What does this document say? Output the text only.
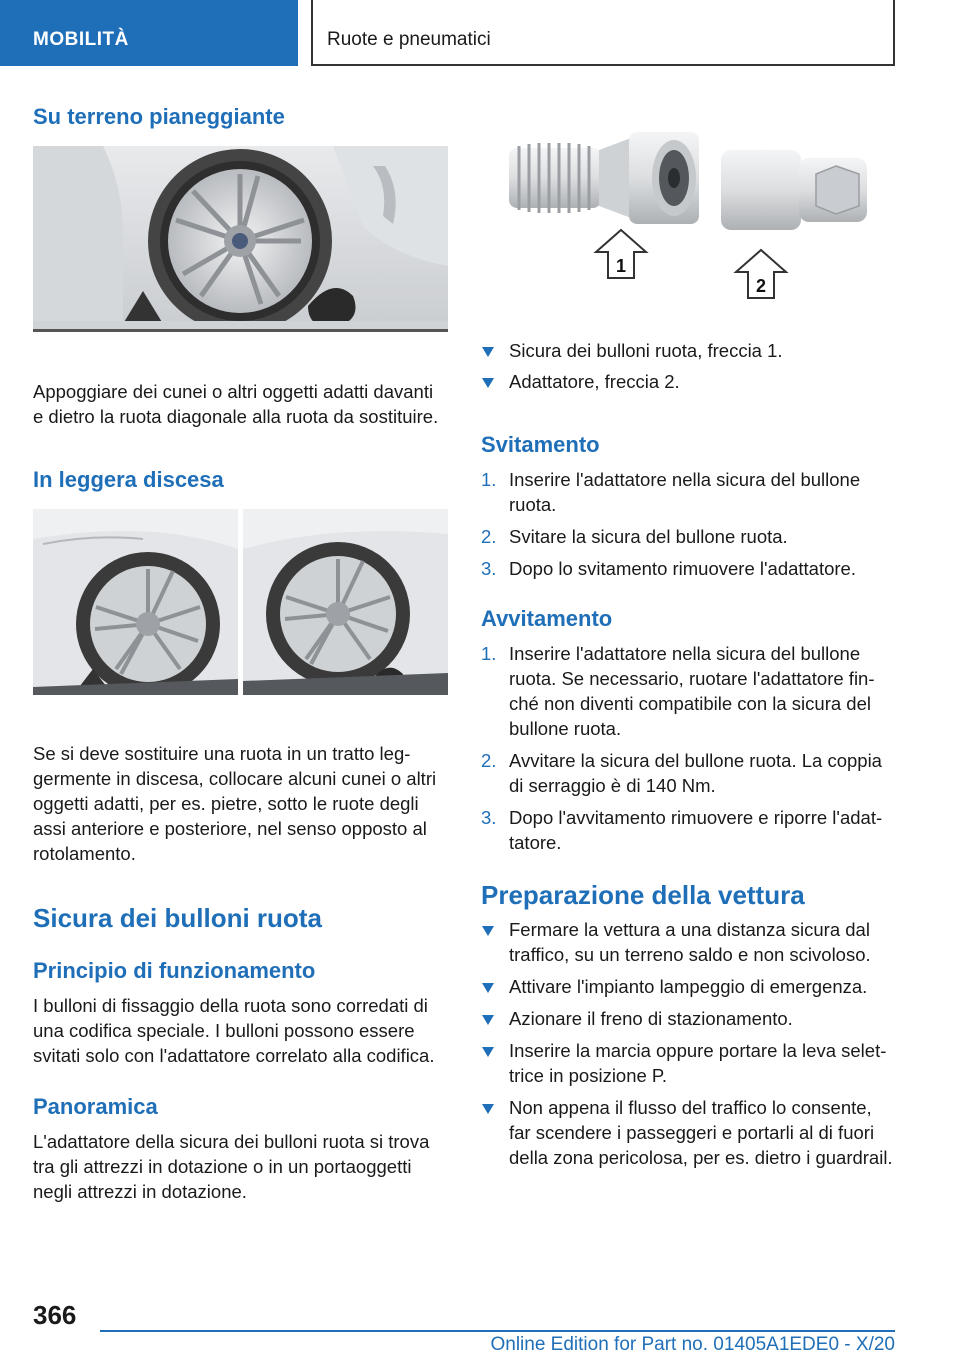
MOBILITÀ	Ruote e pneumatici
Su terreno pianeggiante
Appoggiare dei cunei o altri oggetti adatti davanti e dietro la ruota diagonale alla ruota da sostituire.
In leggera discesa
Se si deve sostituire una ruota in un tratto leggermente in discesa, collocare alcuni cunei o altri oggetti adatti, per es. pietre, sotto le ruote degli assi anteriore e posteriore, nel senso opposto al rotolamento.
Sicura dei bulloni ruota
Principio di funzionamento
I bulloni di fissaggio della ruota sono corredati di una codifica speciale. I bulloni possono essere svitati solo con l'adattatore correlato alla codifica.
Panoramica
L'adattatore della sicura dei bulloni ruota si trova tra gli attrezzi in dotazione o in un portaoggetti negli attrezzi in dotazione.
1
2
Sicura dei bulloni ruota, freccia 1.
Adattatore, freccia 2.
Svitamento
1. Inserire l'adattatore nella sicura del bullone ruota.
2. Svitare la sicura del bullone ruota.
3. Dopo lo svitamento rimuovere l'adattatore.
Avvitamento
1. Inserire l'adattatore nella sicura del bullone ruota. Se necessario, ruotare l'adattatore finché non diventi compatibile con la sicura del bullone ruota.
2. Avvitare la sicura del bullone ruota. La coppia di serraggio è di 140 Nm.
3. Dopo l'avvitamento rimuovere e riporre l'adattatore.
Preparazione della vettura
Fermare la vettura a una distanza sicura dal traffico, su un terreno saldo e non scivoloso.
Attivare l'impianto lampeggio di emergenza.
Azionare il freno di stazionamento.
Inserire la marcia oppure portare la leva selettrice in posizione P.
Non appena il flusso del traffico lo consente, far scendere i passeggeri e portarli al di fuori della zona pericolosa, per es. dietro i guardrail.
366
Online Edition for Part no. 01405A1EDE0 - X/20
